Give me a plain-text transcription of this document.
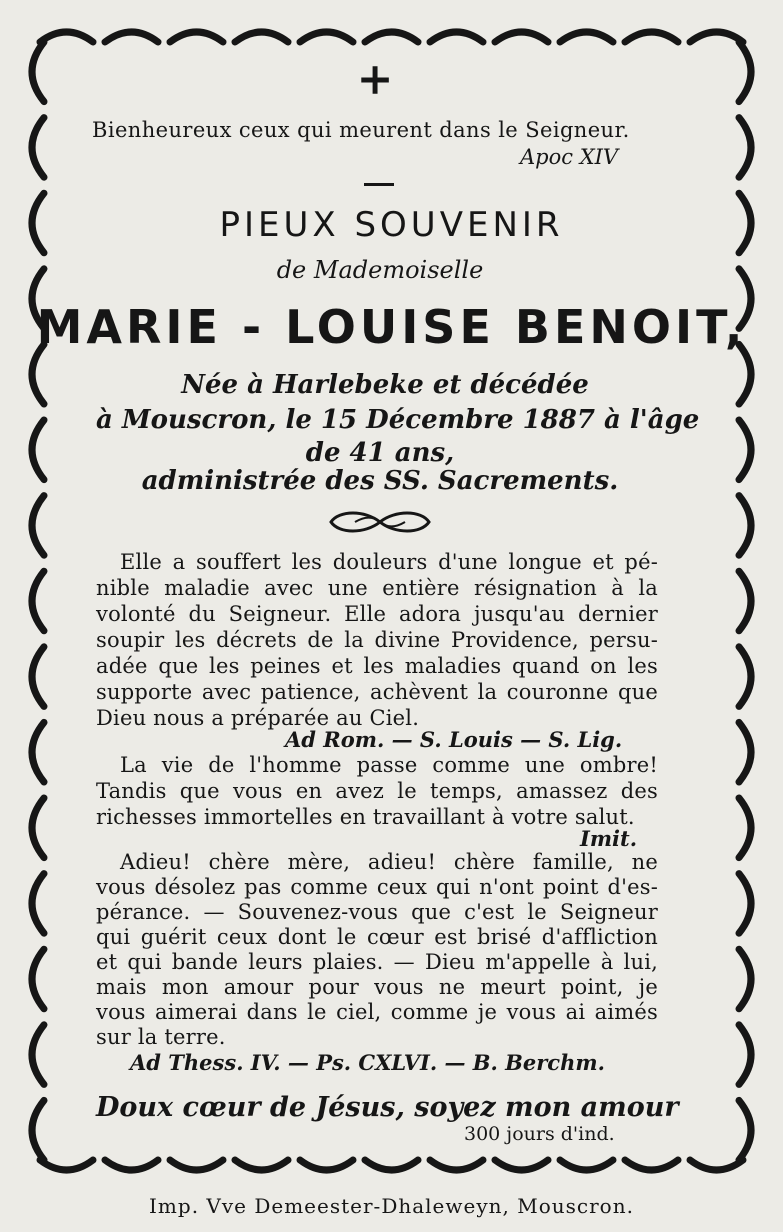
+
Bienheureux ceux qui meurent dans le Seigneur.
Apoc XIV
PIEUX SOUVENIR
de Mademoiselle
MARIE - LOUISE BENOIT,
Née à Harlebeke et décédée
à Mouscron, le 15 Décembre 1887 à l'âge
de 41 ans,
administrée des SS. Sacrements.
Elle a souffert les douleurs d'une longue et pé-
nible maladie avec une entière résignation à la
volonté du Seigneur. Elle adora jusqu'au dernier
soupir les décrets de la divine Providence, persu-
adée que les peines et les maladies quand on les
supporte avec patience, achèvent la couronne que
Dieu nous a préparée au Ciel.
Ad Rom. — S. Louis — S. Lig.
La vie de l'homme passe comme une ombre!
Tandis que vous en avez le temps, amassez des
richesses immortelles en travaillant à votre salut.
Imit.
Adieu! chère mère, adieu! chère famille, ne
vous désolez pas comme ceux qui n'ont point d'es-
pérance. — Souvenez-vous que c'est le Seigneur
qui guérit ceux dont le cœur est brisé d'affliction
et qui bande leurs plaies. — Dieu m'appelle à lui,
mais mon amour pour vous ne meurt point, je
vous aimerai dans le ciel, comme je vous ai aimés
sur la terre.
Ad Thess. IV. — Ps. CXLVI. — B. Berchm.
Doux cœur de Jésus, soyez mon amour
300 jours d'ind.
Imp. Vve Demeester-Dhaleweyn, Mouscron.
